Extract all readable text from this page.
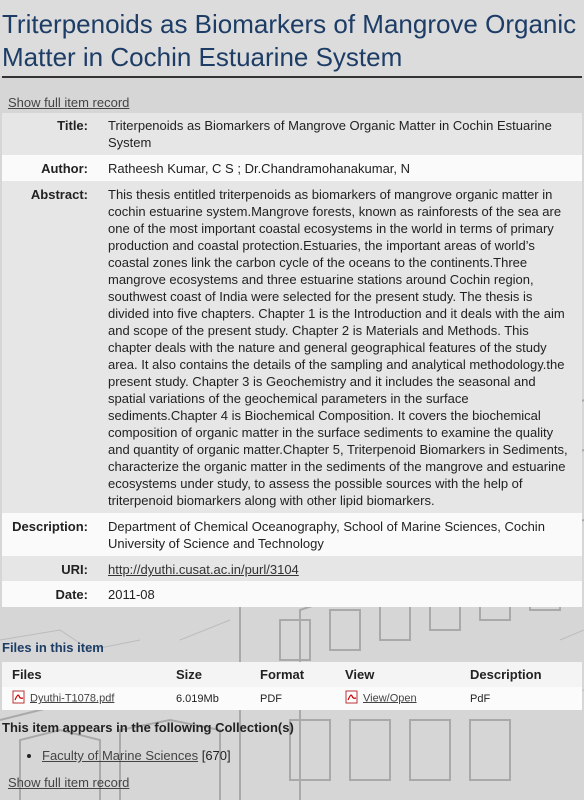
Triterpenoids as Biomarkers of Mangrove Organic Matter in Cochin Estuarine System
Show full item record
Title:	Triterpenoids as Biomarkers of Mangrove Organic Matter in Cochin Estuarine System
Author:	Ratheesh Kumar, C S ; Dr.Chandramohanakumar, N
Abstract:	This thesis entitled triterpenoids as biomarkers of mangrove organic matter in cochin estuarine system.Mangrove forests, known as rainforests of the sea are one of the most important coastal ecosystems in the world in terms of primary production and coastal protection.Estuaries, the important areas of world’s coastal zones link the carbon cycle of the oceans to the continents.Three mangrove ecosystems and three estuarine stations around Cochin region, southwest coast of India were selected for the present study. The thesis is divided into five chapters. Chapter 1 is the Introduction and it deals with the aim and scope of the present study. Chapter 2 is Materials and Methods. This chapter deals with the nature and general geographical features of the study area. It also contains the details of the sampling and analytical methodology.the present study. Chapter 3 is Geochemistry and it includes the seasonal and spatial variations of the geochemical parameters in the surface sediments.Chapter 4 is Biochemical Composition. It covers the biochemical composition of organic matter in the surface sediments to examine the quality and quantity of organic matter.Chapter 5, Triterpenoid Biomarkers in Sediments, characterize the organic matter in the sediments of the mangrove and estuarine ecosystems under study, to assess the possible sources with the help of triterpenoid biomarkers along with other lipid biomarkers.
Description:	Department of Chemical Oceanography, School of Marine Sciences, Cochin University of Science and Technology
URI:	http://dyuthi.cusat.ac.in/purl/3104
Date:	2011-08
Files in this item
Files	Size	Format	View	Description
Dyuthi-T1078.pdf	6.019Mb	PDF	View/Open	PdF
This item appears in the following Collection(s)
• Faculty of Marine Sciences [670]
Show full item record
